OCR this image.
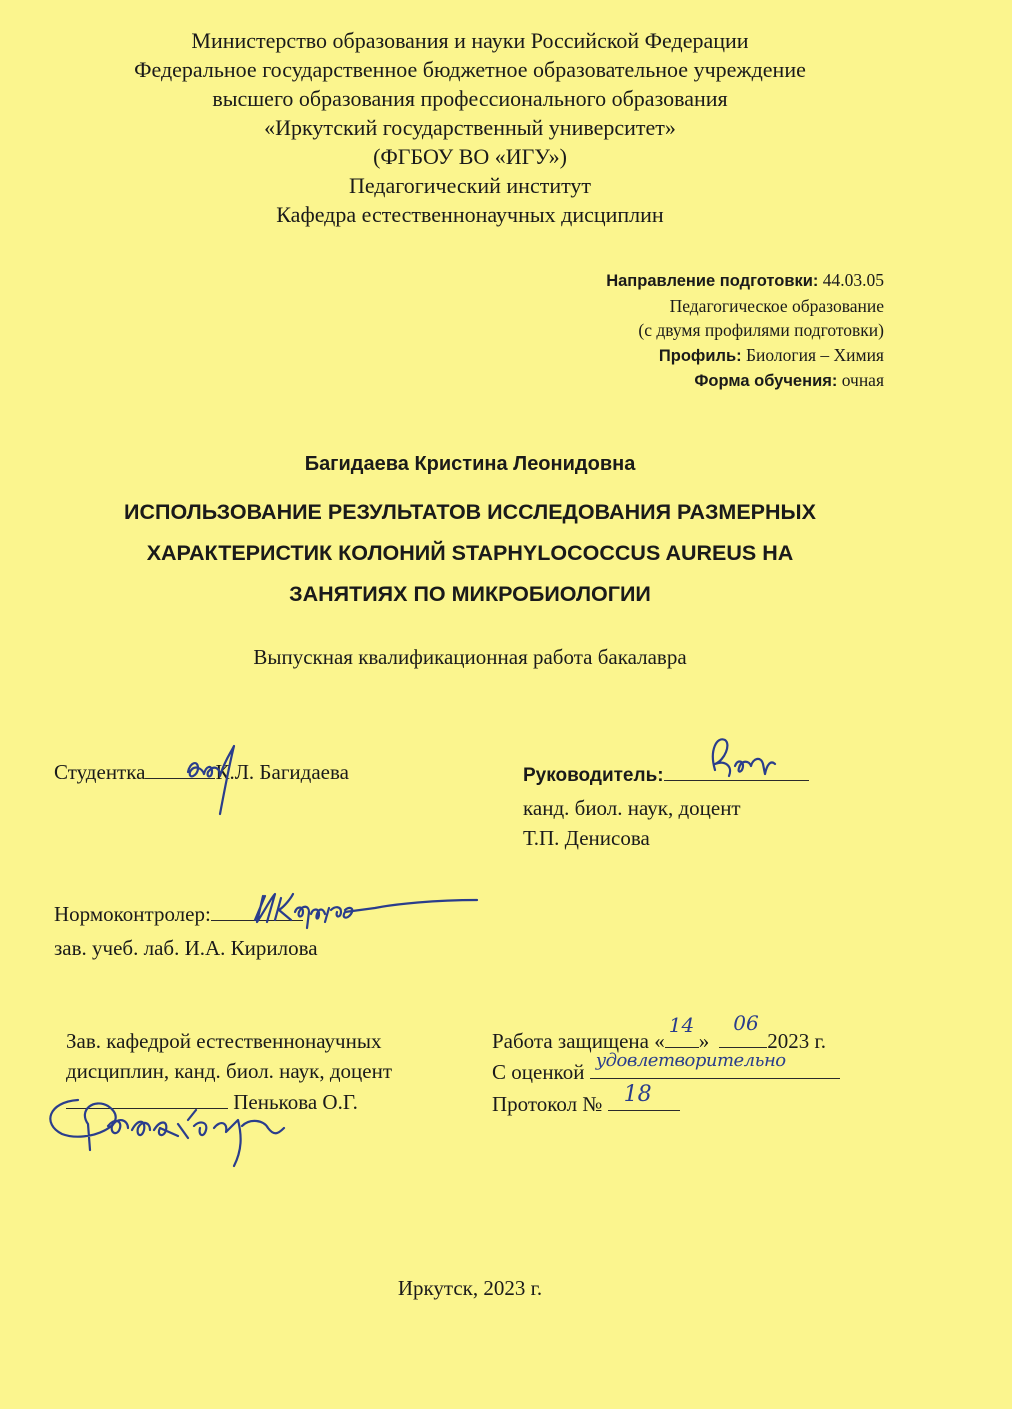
Министерство образования и науки Российской Федерации
Федеральное государственное бюджетное образовательное учреждение
высшего образования профессионального образования
«Иркутский государственный университет»
(ФГБОУ ВО «ИГУ»)
Педагогический институт
Кафедра естественнонаучных дисциплин
Направление подготовки: 44.03.05
Педагогическое образование
(с двумя профилями подготовки)
Профиль: Биология – Химия
Форма обучения: очная
Багидаева Кристина Леонидовна
ИСПОЛЬЗОВАНИЕ РЕЗУЛЬТАТОВ ИССЛЕДОВАНИЯ РАЗМЕРНЫХ
ХАРАКТЕРИСТИК КОЛОНИЙ STAPHYLOCOCCUS AUREUS НА
ЗАНЯТИЯХ ПО МИКРОБИОЛОГИИ
Выпускная квалификационная работа бакалавра
Студентка	К.Л. Багидаева	Руководитель:
канд. биол. наук, доцент
Т.П. Денисова
Нормоконтролер:
зав. учеб. лаб. И.А. Кирилова
Зав. кафедрой естественнонаучных
дисциплин, канд. биол. наук, доцент
Пенькова О.Г.
Работа защищена «
14
»
06
2023 г.
С оценкой удовлетворительно
Протокол № 18
Иркутск, 2023 г.
